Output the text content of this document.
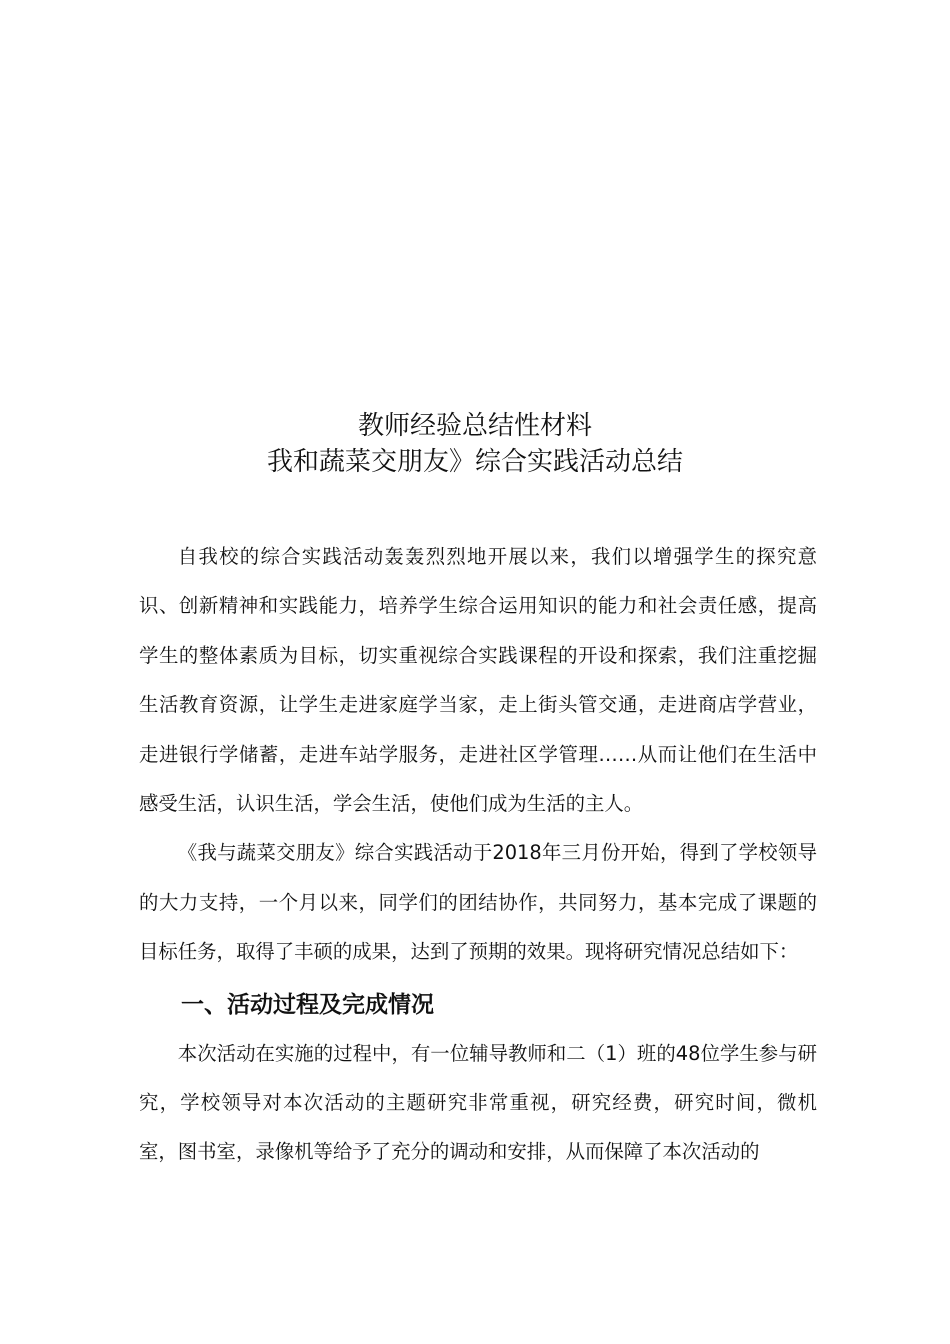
教师经验总结性材料
我和蔬菜交朋友》综合实践活动总结

自我校的综合实践活动轰轰烈烈地开展以来，我们以增强学生的探究意识、创新精神和实践能力，培养学生综合运用知识的能力和社会责任感，提高学生的整体素质为目标，切实重视综合实践课程的开设和探索，我们注重挖掘生活教育资源，让学生走进家庭学当家，走上街头管交通，走进商店学营业，走进银行学储蓄，走进车站学服务，走进社区学管理……从而让他们在生活中感受生活，认识生活，学会生活，使他们成为生活的主人。

《我与蔬菜交朋友》综合实践活动于2018年三月份开始，得到了学校领导的大力支持，一个月以来，同学们的团结协作，共同努力，基本完成了课题的目标任务，取得了丰硕的成果，达到了预期的效果。现将研究情况总结如下：

一、活动过程及完成情况

本次活动在实施的过程中，有一位辅导教师和二（1）班的48位学生参与研究，学校领导对本次活动的主题研究非常重视，研究经费，研究时间，微机室，图书室，录像机等给予了充分的调动和安排，从而保障了本次活动的
